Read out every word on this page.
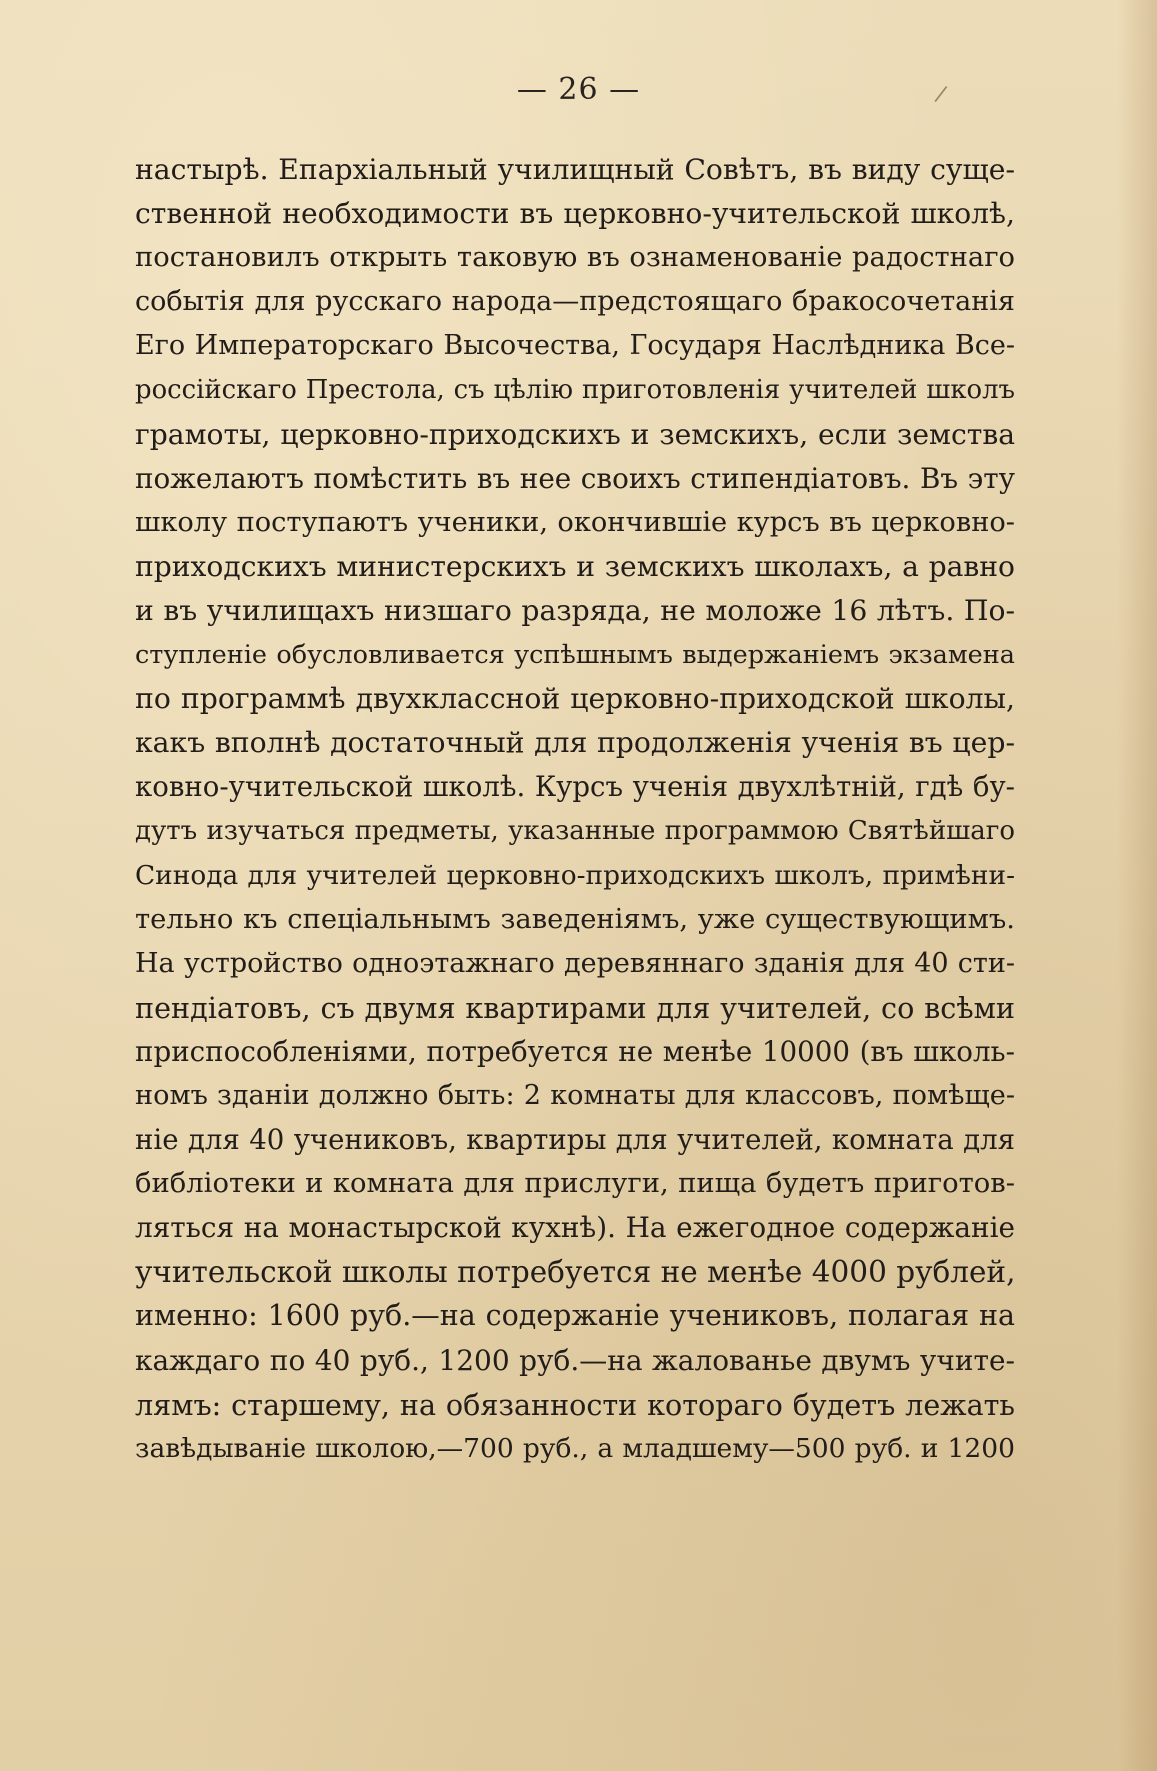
— 26 —	/
настырѣ. Епархіальный училищный Совѣтъ, въ виду суще-
ственной необходимости въ церковно-учительской школѣ,
постановилъ открыть таковую въ ознаменованіе радостнаго
событія для русскаго народа—предстоящаго бракосочетанія
Его Императорскаго Высочества, Государя Наслѣдника Все-
россійскаго Престола, съ цѣлію приготовленія учителей школъ
грамоты, церковно-приходскихъ и земскихъ, если земства
пожелаютъ помѣстить въ нее своихъ стипендіатовъ. Въ эту
школу поступаютъ ученики, окончившіе курсъ въ церковно-
приходскихъ министерскихъ и земскихъ школахъ, а равно
и въ училищахъ низшаго разряда, не моложе 16 лѣтъ. По-
ступленіе обусловливается успѣшнымъ выдержаніемъ экзамена
по программѣ двухклассной церковно-приходской школы,
какъ вполнѣ достаточный для продолженія ученія въ цер-
ковно-учительской школѣ. Курсъ ученія двухлѣтній, гдѣ бу-
дутъ изучаться предметы, указанные программою Святѣйшаго
Синода для учителей церковно-приходскихъ школъ, примѣни-
тельно къ спеціальнымъ заведеніямъ, уже существующимъ.
На устройство одноэтажнаго деревяннаго зданія для 40 сти-
пендіатовъ, съ двумя квартирами для учителей, со всѣми
приспособленіями, потребуется не менѣе 10000 (въ школь-
номъ зданіи должно быть: 2 комнаты для классовъ, помѣще-
ніе для 40 учениковъ, квартиры для учителей, комната для
библіотеки и комната для прислуги, пища будетъ приготов-
ляться на монастырской кухнѣ). На ежегодное содержаніе
учительской школы потребуется не менѣе 4000 рублей,
именно: 1600 руб.—на содержаніе учениковъ, полагая на
каждаго по 40 руб., 1200 руб.—на жалованье двумъ учите-
лямъ: старшему, на обязанности котораго будетъ лежать
завѣдываніе школою,—700 руб., а младшему—500 руб. и 1200
